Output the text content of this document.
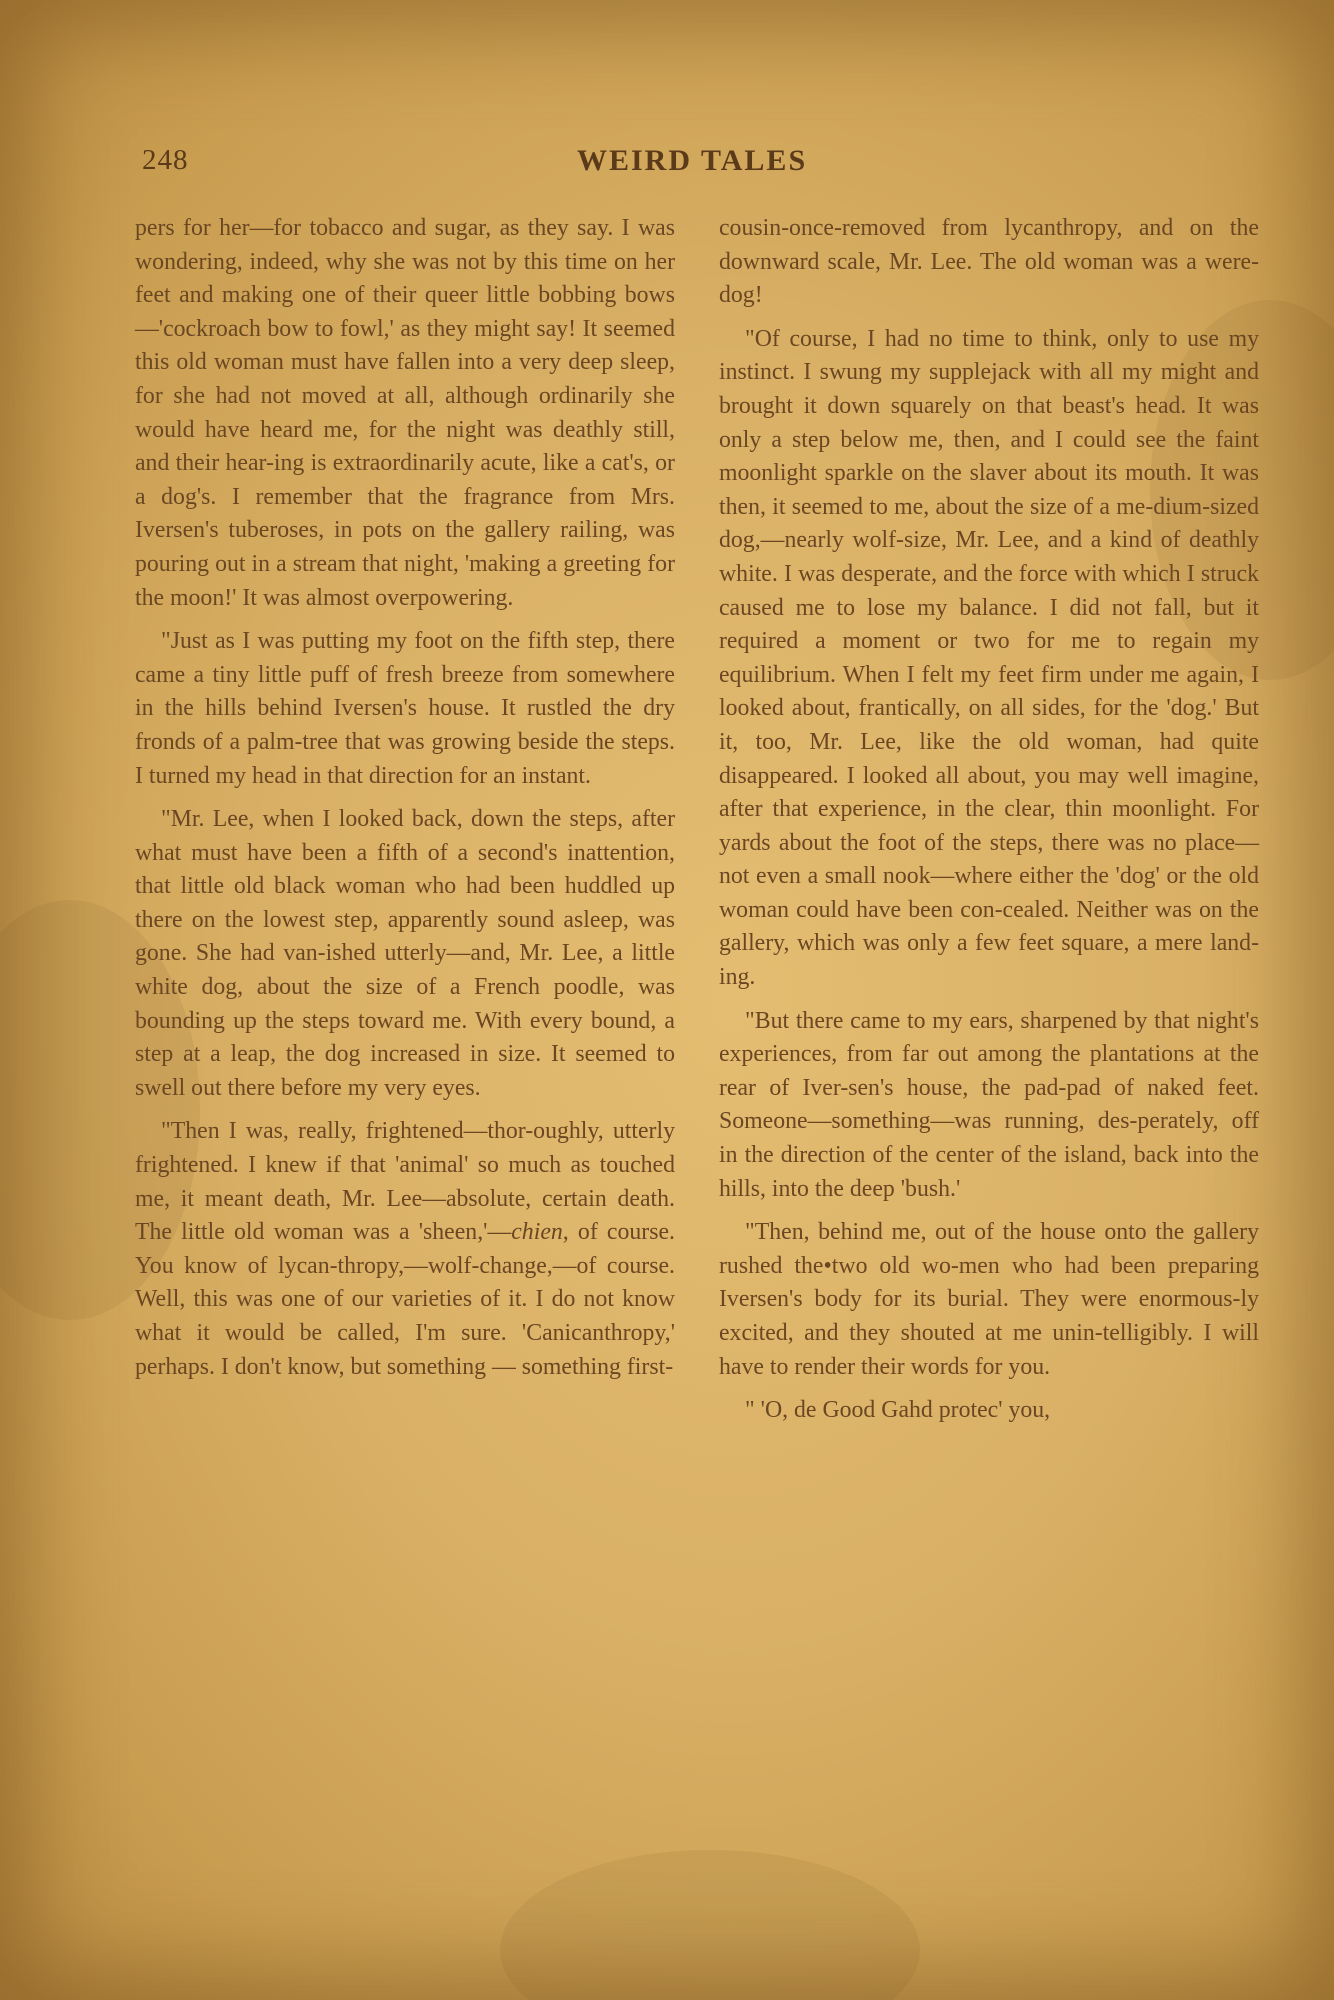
248	WEIRD TALES

pers for her—for tobacco and sugar, as they say. I was wondering, indeed, why she was not by this time on her feet and making one of their queer little bobbing bows—'cockroach bow to fowl,' as they might say! It seemed this old woman must have fallen into a very deep sleep, for she had not moved at all, although ordinarily she would have heard me, for the night was deathly still, and their hear-ing is extraordinarily acute, like a cat's, or a dog's. I remember that the fragrance from Mrs. Iversen's tuberoses, in pots on the gallery railing, was pouring out in a stream that night, 'making a greeting for the moon!' It was almost overpowering.

"Just as I was putting my foot on the fifth step, there came a tiny little puff of fresh breeze from somewhere in the hills behind Iversen's house. It rustled the dry fronds of a palm-tree that was growing beside the steps. I turned my head in that direction for an instant.

"Mr. Lee, when I looked back, down the steps, after what must have been a fifth of a second's inattention, that little old black woman who had been huddled up there on the lowest step, apparently sound asleep, was gone. She had van-ished utterly—and, Mr. Lee, a little white dog, about the size of a French poodle, was bounding up the steps toward me. With every bound, a step at a leap, the dog increased in size. It seemed to swell out there before my very eyes.

"Then I was, really, frightened—thor-oughly, utterly frightened. I knew if that 'animal' so much as touched me, it meant death, Mr. Lee—absolute, certain death. The little old woman was a 'sheen,'—chien, of course. You know of lycan-thropy,—wolf-change,—of course. Well, this was one of our varieties of it. I do not know what it would be called, I'm sure. 'Canicanthropy,' perhaps. I don't know, but something — something first-

cousin-once-removed from lycanthropy, and on the downward scale, Mr. Lee. The old woman was a were-dog!

"Of course, I had no time to think, only to use my instinct. I swung my supplejack with all my might and brought it down squarely on that beast's head. It was only a step below me, then, and I could see the faint moonlight sparkle on the slaver about its mouth. It was then, it seemed to me, about the size of a me-dium-sized dog,—nearly wolf-size, Mr. Lee, and a kind of deathly white. I was desperate, and the force with which I struck caused me to lose my balance. I did not fall, but it required a moment or two for me to regain my equilibrium. When I felt my feet firm under me again, I looked about, frantically, on all sides, for the 'dog.' But it, too, Mr. Lee, like the old woman, had quite disappeared. I looked all about, you may well imagine, after that experience, in the clear, thin moonlight. For yards about the foot of the steps, there was no place—not even a small nook—where either the 'dog' or the old woman could have been con-cealed. Neither was on the gallery, which was only a few feet square, a mere land-ing.

"But there came to my ears, sharpened by that night's experiences, from far out among the plantations at the rear of Iver-sen's house, the pad-pad of naked feet. Someone—something—was running, des-perately, off in the direction of the center of the island, back into the hills, into the deep 'bush.'

"Then, behind me, out of the house onto the gallery rushed the•two old wo-men who had been preparing Iversen's body for its burial. They were enormous-ly excited, and they shouted at me unin-telligibly. I will have to render their words for you.

" 'O, de Good Gahd protec' you,
